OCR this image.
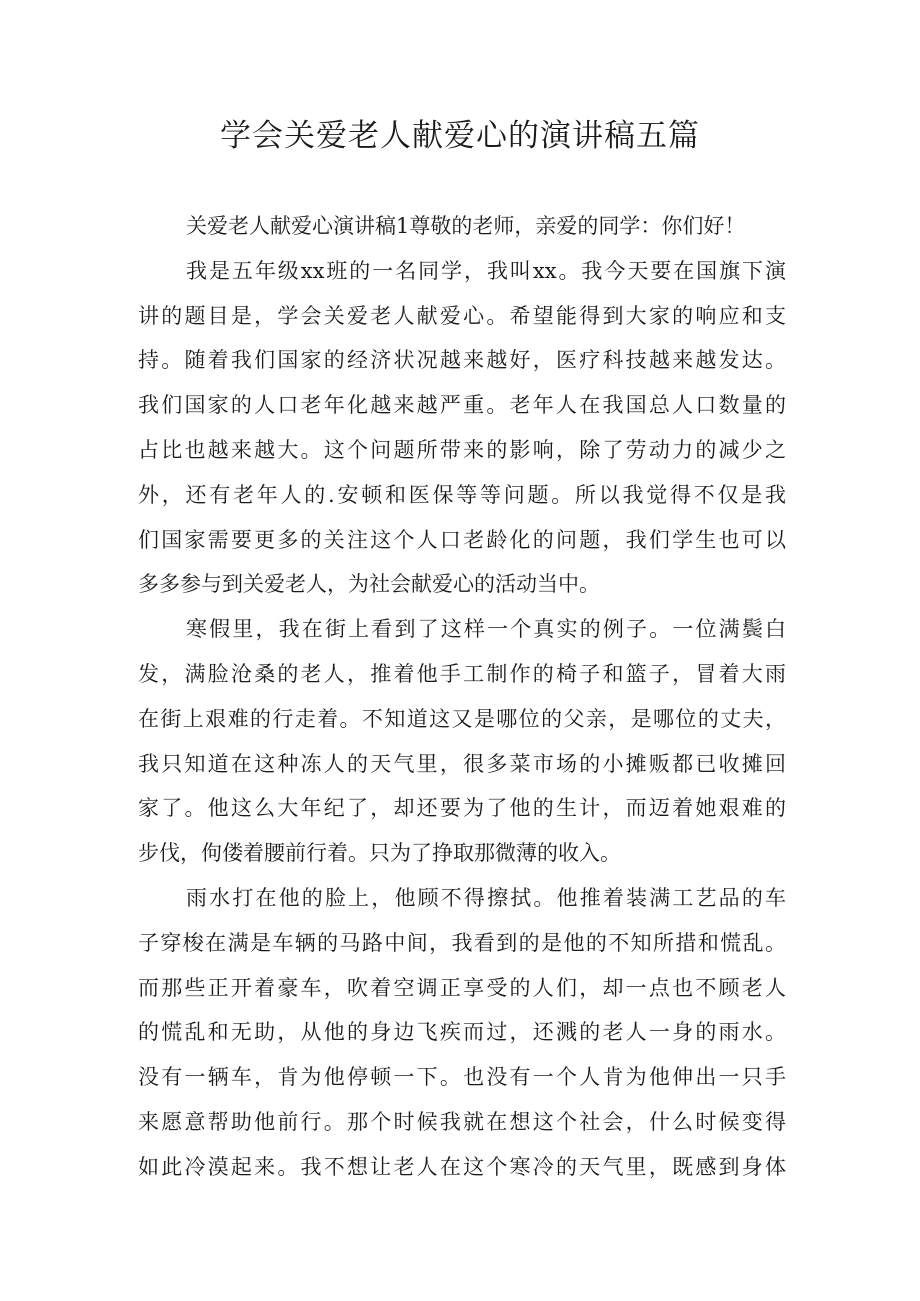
学会关爱老人献爱心的演讲稿五篇
关爱老人献爱心演讲稿1尊敬的老师，亲爱的同学：你们好！
我是五年级xx班的一名同学，我叫xx。我今天要在国旗下演
讲的题目是，学会关爱老人献爱心。希望能得到大家的响应和支
持。随着我们国家的经济状况越来越好，医疗科技越来越发达。
我们国家的人口老年化越来越严重。老年人在我国总人口数量的
占比也越来越大。这个问题所带来的影响，除了劳动力的减少之
外，还有老年人的.安顿和医保等等问题。所以我觉得不仅是我
们国家需要更多的关注这个人口老龄化的问题，我们学生也可以
多多参与到关爱老人，为社会献爱心的活动当中。
寒假里，我在街上看到了这样一个真实的例子。一位满鬓白
发，满脸沧桑的老人，推着他手工制作的椅子和篮子，冒着大雨
在街上艰难的行走着。不知道这又是哪位的父亲，是哪位的丈夫，
我只知道在这种冻人的天气里，很多菜市场的小摊贩都已收摊回
家了。他这么大年纪了，却还要为了他的生计，而迈着她艰难的
步伐，佝偻着腰前行着。只为了挣取那微薄的收入。
雨水打在他的脸上，他顾不得擦拭。他推着装满工艺品的车
子穿梭在满是车辆的马路中间，我看到的是他的不知所措和慌乱。
而那些正开着豪车，吹着空调正享受的人们，却一点也不顾老人
的慌乱和无助，从他的身边飞疾而过，还溅的老人一身的雨水。
没有一辆车，肯为他停顿一下。也没有一个人肯为他伸出一只手
来愿意帮助他前行。那个时候我就在想这个社会，什么时候变得
如此冷漠起来。我不想让老人在这个寒冷的天气里，既感到身体
